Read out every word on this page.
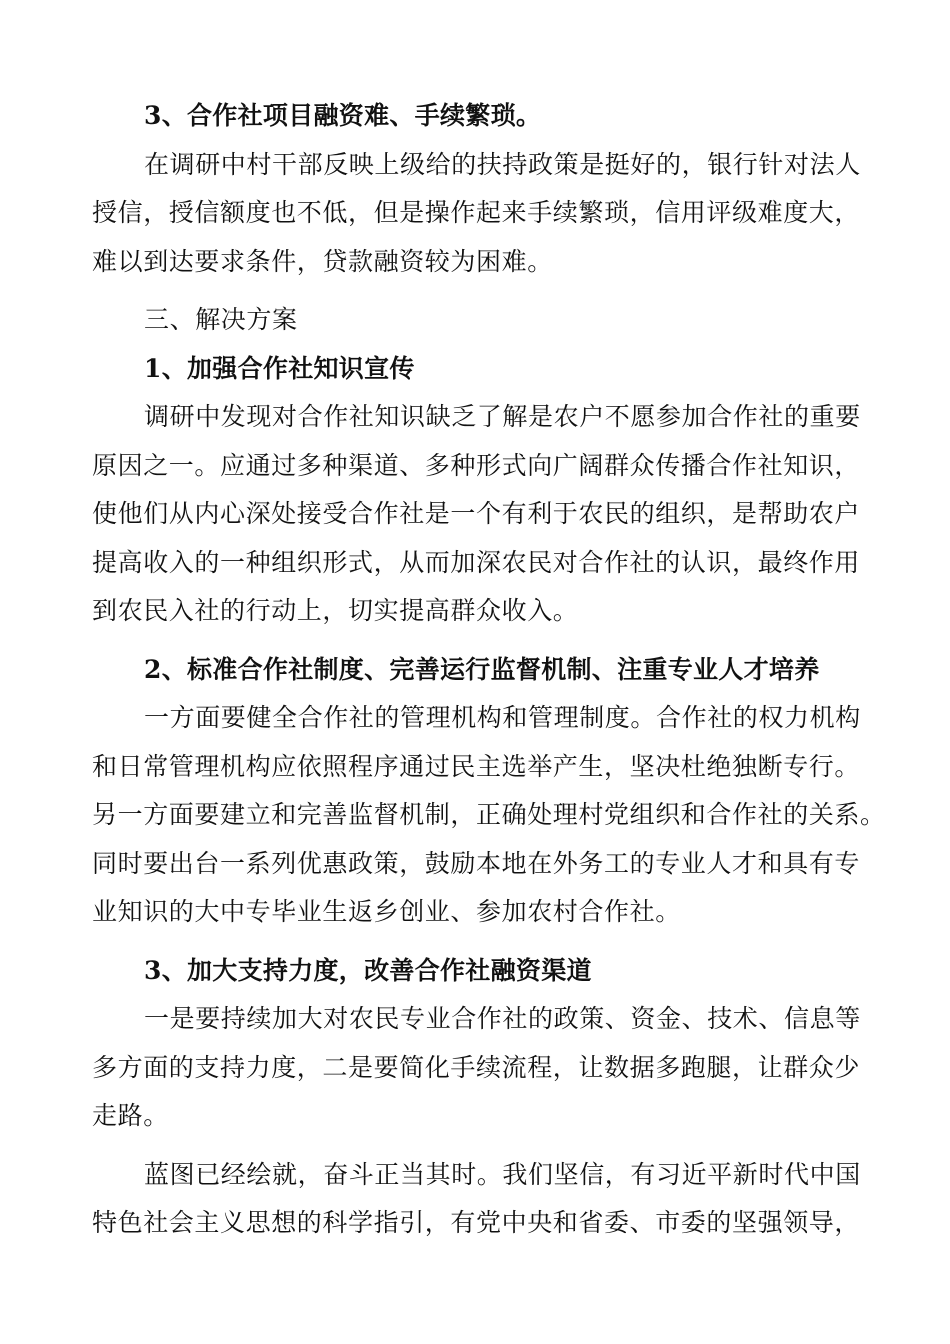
3、合作社项目融资难、手续繁琐。
在调研中村干部反映上级给的扶持政策是挺好的，银行针对法人
授信，授信额度也不低，但是操作起来手续繁琐，信用评级难度大，
难以到达要求条件，贷款融资较为困难。
三、解决方案
1、加强合作社知识宣传
调研中发现对合作社知识缺乏了解是农户不愿参加合作社的重要
原因之一。应通过多种渠道、多种形式向广阔群众传播合作社知识，
使他们从内心深处接受合作社是一个有利于农民的组织，是帮助农户
提高收入的一种组织形式，从而加深农民对合作社的认识，最终作用
到农民入社的行动上，切实提高群众收入。
2、标准合作社制度、完善运行监督机制、注重专业人才培养
一方面要健全合作社的管理机构和管理制度。合作社的权力机构
和日常管理机构应依照程序通过民主选举产生，坚决杜绝独断专行。
另一方面要建立和完善监督机制，正确处理村党组织和合作社的关系。
同时要出台一系列优惠政策，鼓励本地在外务工的专业人才和具有专
业知识的大中专毕业生返乡创业、参加农村合作社。
3、加大支持力度，改善合作社融资渠道
一是要持续加大对农民专业合作社的政策、资金、技术、信息等
多方面的支持力度，二是要简化手续流程，让数据多跑腿，让群众少
走路。
蓝图已经绘就，奋斗正当其时。我们坚信，有习近平新时代中国
特色社会主义思想的科学指引，有党中央和省委、市委的坚强领导，
